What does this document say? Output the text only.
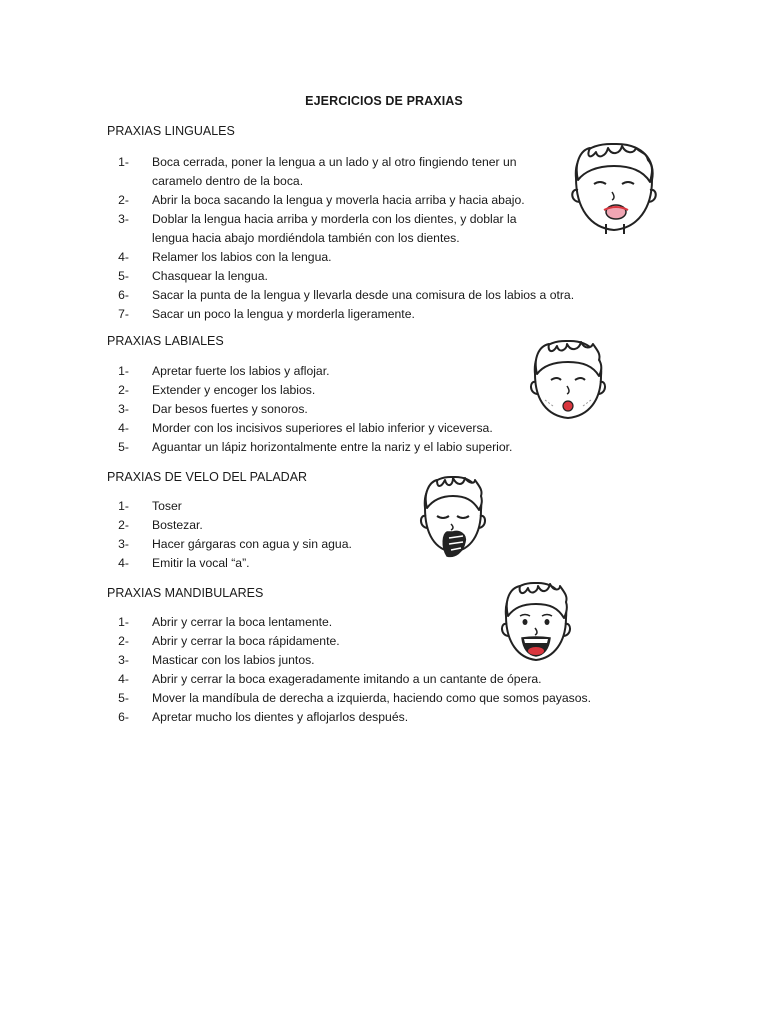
EJERCICIOS DE PRAXIAS
PRAXIAS LINGUALES
1- Boca cerrada, poner la lengua a un lado y al otro fingiendo tener un caramelo dentro de la boca.
2- Abrir la boca sacando la lengua y moverla hacia arriba y hacia abajo.
3- Doblar la lengua hacia arriba y morderla con los dientes, y doblar la lengua hacia abajo mordiéndola también con los dientes.
4- Relamer los labios con la lengua.
5- Chasquear la lengua.
6- Sacar la punta de la lengua y llevarla desde una comisura de los labios a otra.
7- Sacar un poco la lengua y morderla ligeramente.
PRAXIAS LABIALES
1- Apretar fuerte los labios y aflojar.
2- Extender y encoger los labios.
3- Dar besos fuertes y sonoros.
4- Morder con los incisivos superiores el labio inferior y viceversa.
5- Aguantar un lápiz horizontalmente entre la nariz y el labio superior.
PRAXIAS DE VELO DEL PALADAR
1- Toser
2- Bostezar.
3- Hacer gárgaras con agua y sin agua.
4- Emitir la vocal “a”.
PRAXIAS MANDIBULARES
1- Abrir y cerrar la boca lentamente.
2- Abrir y cerrar la boca rápidamente.
3- Masticar con los labios juntos.
4- Abrir y cerrar la boca exageradamente imitando a un cantante de ópera.
5- Mover la mandíbula de derecha a izquierda, haciendo como que somos payasos.
6- Apretar mucho los dientes y aflojarlos después.
